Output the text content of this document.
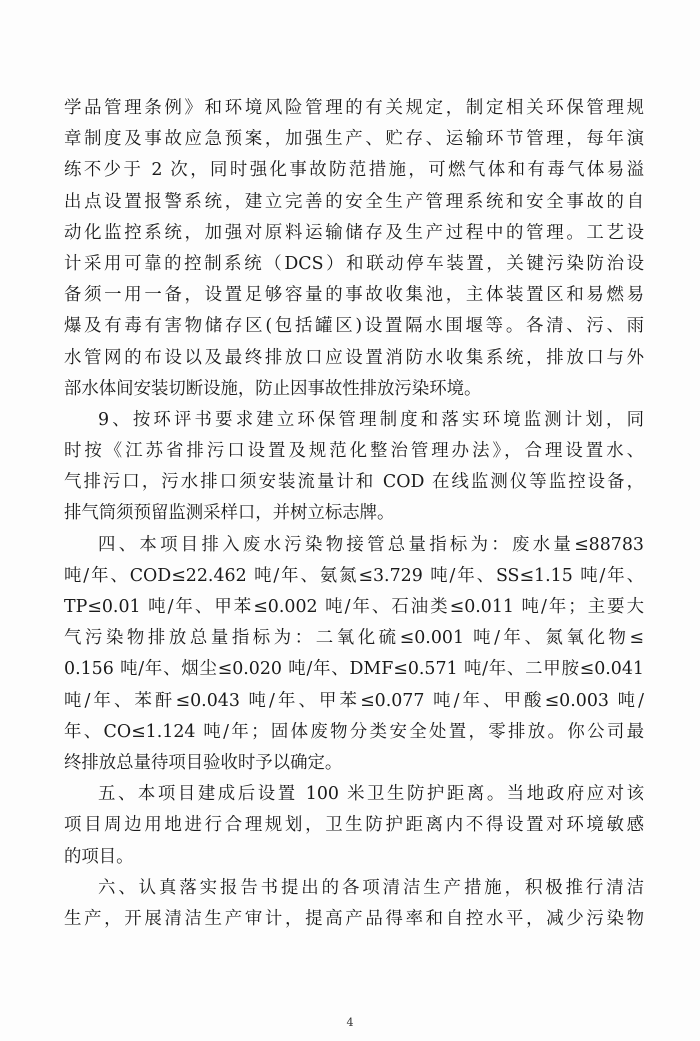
学品管理条例》和环境风险管理的有关规定，制定相关环保管理规
章制度及事故应急预案，加强生产、贮存、运输环节管理，每年演
练不少于 2 次，同时强化事故防范措施，可燃气体和有毒气体易溢
出点设置报警系统，建立完善的安全生产管理系统和安全事故的自
动化监控系统，加强对原料运输储存及生产过程中的管理。工艺设
计采用可靠的控制系统（DCS）和联动停车装置，关键污染防治设
备须一用一备，设置足够容量的事故收集池，主体装置区和易燃易
爆及有毒有害物储存区(包括罐区)设置隔水围堰等。各清、污、雨
水管网的布设以及最终排放口应设置消防水收集系统，排放口与外
部水体间安装切断设施，防止因事故性排放污染环境。
9、按环评书要求建立环保管理制度和落实环境监测计划，同
时按《江苏省排污口设置及规范化整治管理办法》，合理设置水、
气排污口，污水排口须安装流量计和 COD 在线监测仪等监控设备，
排气筒须预留监测采样口，并树立标志牌。
四、本项目排入废水污染物接管总量指标为：废水量≤88783
吨/年、COD≤22.462 吨/年、氨氮≤3.729 吨/年、SS≤1.15 吨/年、
TP≤0.01 吨/年、甲苯≤0.002 吨/年、石油类≤0.011 吨/年；主要大
气污染物排放总量指标为：二氧化硫≤0.001 吨/年、氮氧化物≤
0.156 吨/年、烟尘≤0.020 吨/年、DMF≤0.571 吨/年、二甲胺≤0.041
吨/年、苯酐≤0.043 吨/年、甲苯≤0.077 吨/年、甲酸≤0.003 吨/
年、CO≤1.124 吨/年；固体废物分类安全处置，零排放。你公司最
终排放总量待项目验收时予以确定。
五、本项目建成后设置 100 米卫生防护距离。当地政府应对该
项目周边用地进行合理规划，卫生防护距离内不得设置对环境敏感
的项目。
六、认真落实报告书提出的各项清洁生产措施，积极推行清洁
生产，开展清洁生产审计，提高产品得率和自控水平，减少污染物
4
